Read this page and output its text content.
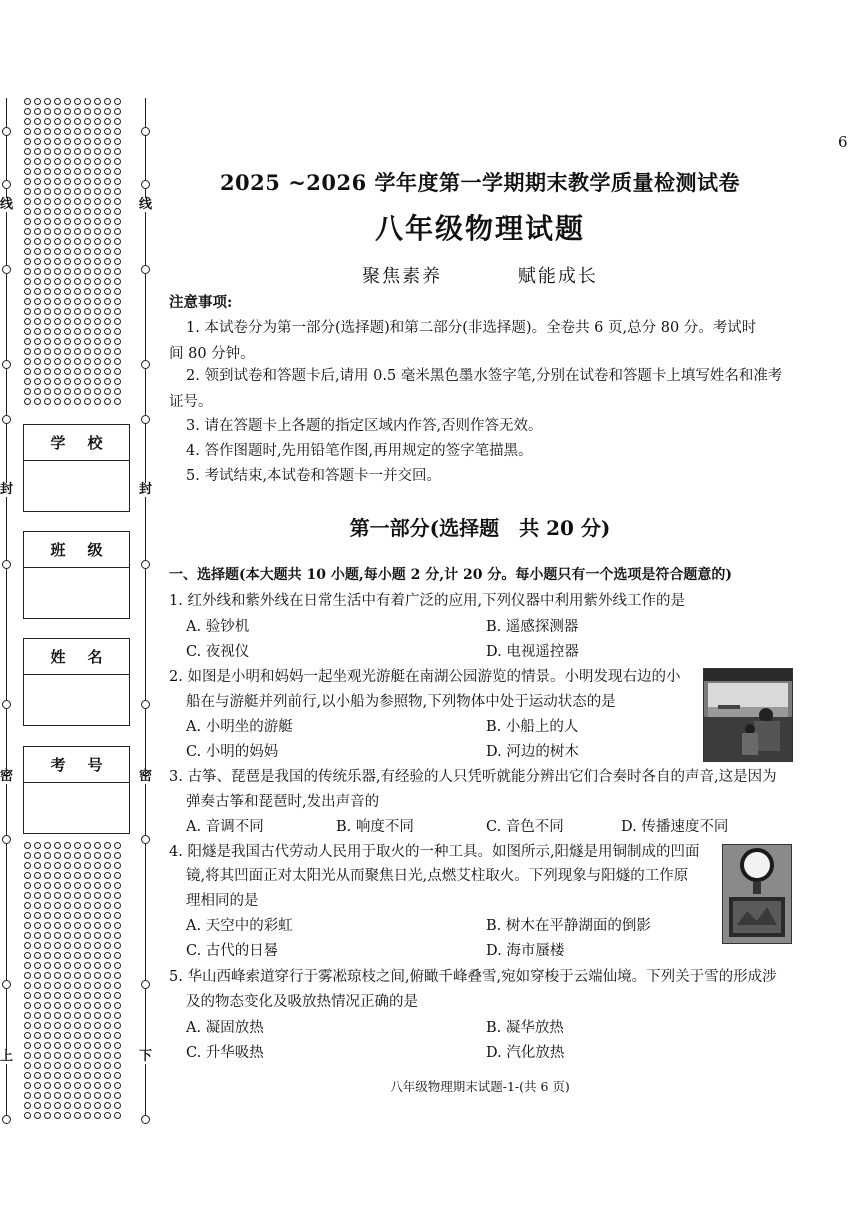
线
封
密
上
线
封
密
下
学校
班级
姓名
考号
6
2025 ~2026 学年度第一学期期末教学质量检测试卷
八年级物理试题
聚焦素养	赋能成长
注意事项:
1. 本试卷分为第一部分(选择题)和第二部分(非选择题)。全卷共 6 页,总分 80 分。考试时
间 80 分钟。
2. 领到试卷和答题卡后,请用 0.5 毫米黑色墨水签字笔,分别在试卷和答题卡上填写姓名和准考
证号。
3. 请在答题卡上各题的指定区域内作答,否则作答无效。
4. 答作图题时,先用铅笔作图,再用规定的签字笔描黑。
5. 考试结束,本试卷和答题卡一并交回。
第一部分(选择题　共 20 分)
一、选择题(本大题共 10 小题,每小题 2 分,计 20 分。每小题只有一个选项是符合题意的)
1. 红外线和紫外线在日常生活中有着广泛的应用,下列仪器中利用紫外线工作的是
A. 验钞机	B. 遥感探测器
C. 夜视仪	D. 电视遥控器
2. 如图是小明和妈妈一起坐观光游艇在南湖公园游览的情景。小明发现右边的小
船在与游艇并列前行,以小船为参照物,下列物体中处于运动状态的是
A. 小明坐的游艇	B. 小船上的人
C. 小明的妈妈	D. 河边的树木
3. 古筝、琵琶是我国的传统乐器,有经验的人只凭听就能分辨出它们合奏时各自的声音,这是因为
弹奏古筝和琵琶时,发出声音的
A. 音调不同	B. 响度不同	C. 音色不同	D. 传播速度不同
4. 阳燧是我国古代劳动人民用于取火的一种工具。如图所示,阳燧是用铜制成的凹面
镜,将其凹面正对太阳光从而聚焦日光,点燃艾柱取火。下列现象与阳燧的工作原
理相同的是
A. 天空中的彩虹	B. 树木在平静湖面的倒影
C. 古代的日晷	D. 海市蜃楼
5. 华山西峰索道穿行于雾凇琼枝之间,俯瞰千峰叠雪,宛如穿梭于云端仙境。下列关于雪的形成涉
及的物态变化及吸放热情况正确的是
A. 凝固放热	B. 凝华放热
C. 升华吸热	D. 汽化放热
八年级物理期末试题-1-(共 6 页)
